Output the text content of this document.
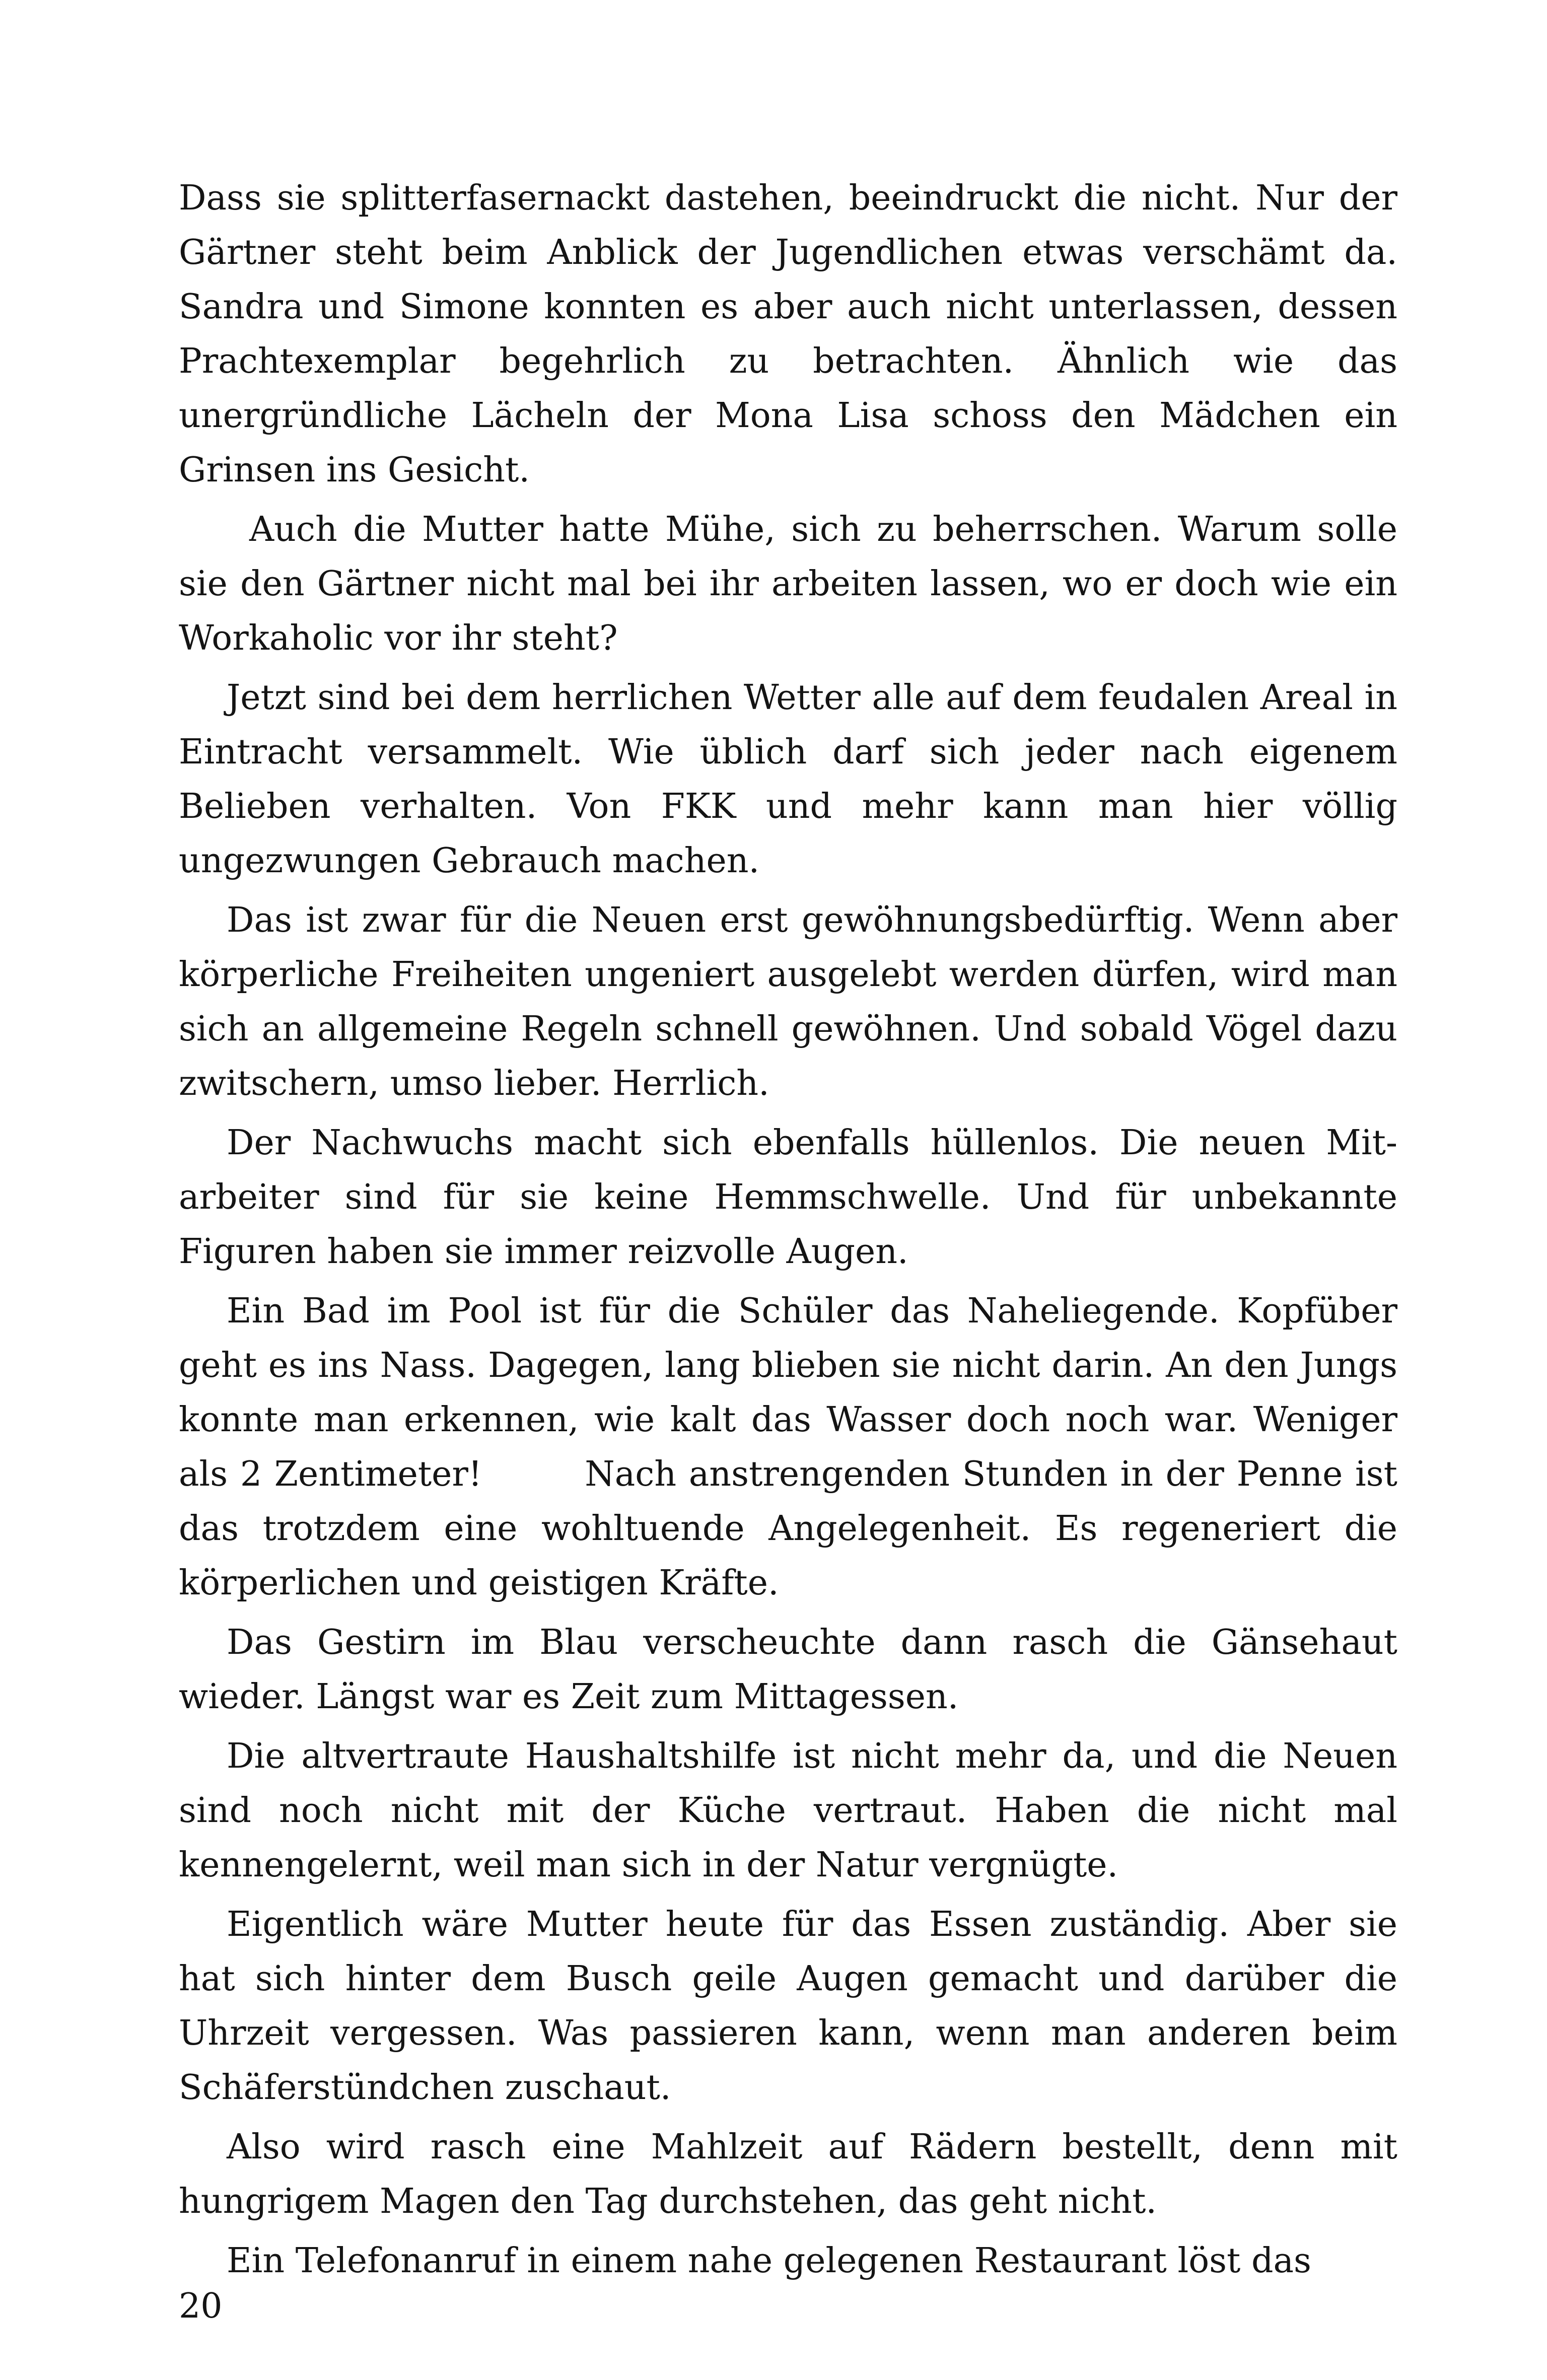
Dass sie splitterfasernackt dastehen, beeindruckt die nicht. Nur der Gärtner steht beim Anblick der Jugendlichen etwas verschämt da. Sandra und Simone konnten es aber auch nicht unterlassen, dessen Prachtexemplar begehrlich zu betrachten. Ähnlich wie das unergründliche Lächeln der Mona Lisa schoss den Mädchen ein Grinsen ins Gesicht.

Auch die Mutter hatte Mühe, sich zu beherrschen. Warum solle sie den Gärtner nicht mal bei ihr arbeiten lassen, wo er doch wie ein Workaholic vor ihr steht?

Jetzt sind bei dem herrlichen Wetter alle auf dem feudalen Areal in Eintracht versammelt. Wie üblich darf sich jeder nach eigenem Belieben verhalten. Von FKK und mehr kann man hier völlig ungezwungen Gebrauch machen.

Das ist zwar für die Neuen erst gewöhnungsbedürftig. Wenn aber körperliche Freiheiten ungeniert ausgelebt werden dürfen, wird man sich an allgemeine Regeln schnell gewöhnen. Und sobald Vögel dazu zwitschern, umso lieber. Herrlich.

Der Nachwuchs macht sich ebenfalls hüllenlos. Die neuen Mitarbeiter sind für sie keine Hemmschwelle. Und für unbekannte Figuren haben sie immer reizvolle Augen.

Ein Bad im Pool ist für die Schüler das Naheliegende. Kopfüber geht es ins Nass. Dagegen, lang blieben sie nicht darin. An den Jungs konnte man erkennen, wie kalt das Wasser doch noch war. Weniger als 2 Zentimeter!   Nach anstrengenden Stunden in der Penne ist das trotzdem eine wohltuende Angelegenheit. Es regeneriert die körperlichen und geistigen Kräfte.

Das Gestirn im Blau verscheuchte dann rasch die Gänsehaut wieder. Längst war es Zeit zum Mittagessen.

Die altvertraute Haushaltshilfe ist nicht mehr da, und die Neuen sind noch nicht mit der Küche vertraut. Haben die nicht mal kennengelernt, weil man sich in der Natur vergnügte.

Eigentlich wäre Mutter heute für das Essen zuständig. Aber sie hat sich hinter dem Busch geile Augen gemacht und darüber die Uhrzeit vergessen. Was passieren kann, wenn man anderen beim Schäferstündchen zuschaut.

Also wird rasch eine Mahlzeit auf Rädern bestellt, denn mit hungrigem Magen den Tag durchstehen, das geht nicht.

Ein Telefonanruf in einem nahe gelegenen Restaurant löst das

20
